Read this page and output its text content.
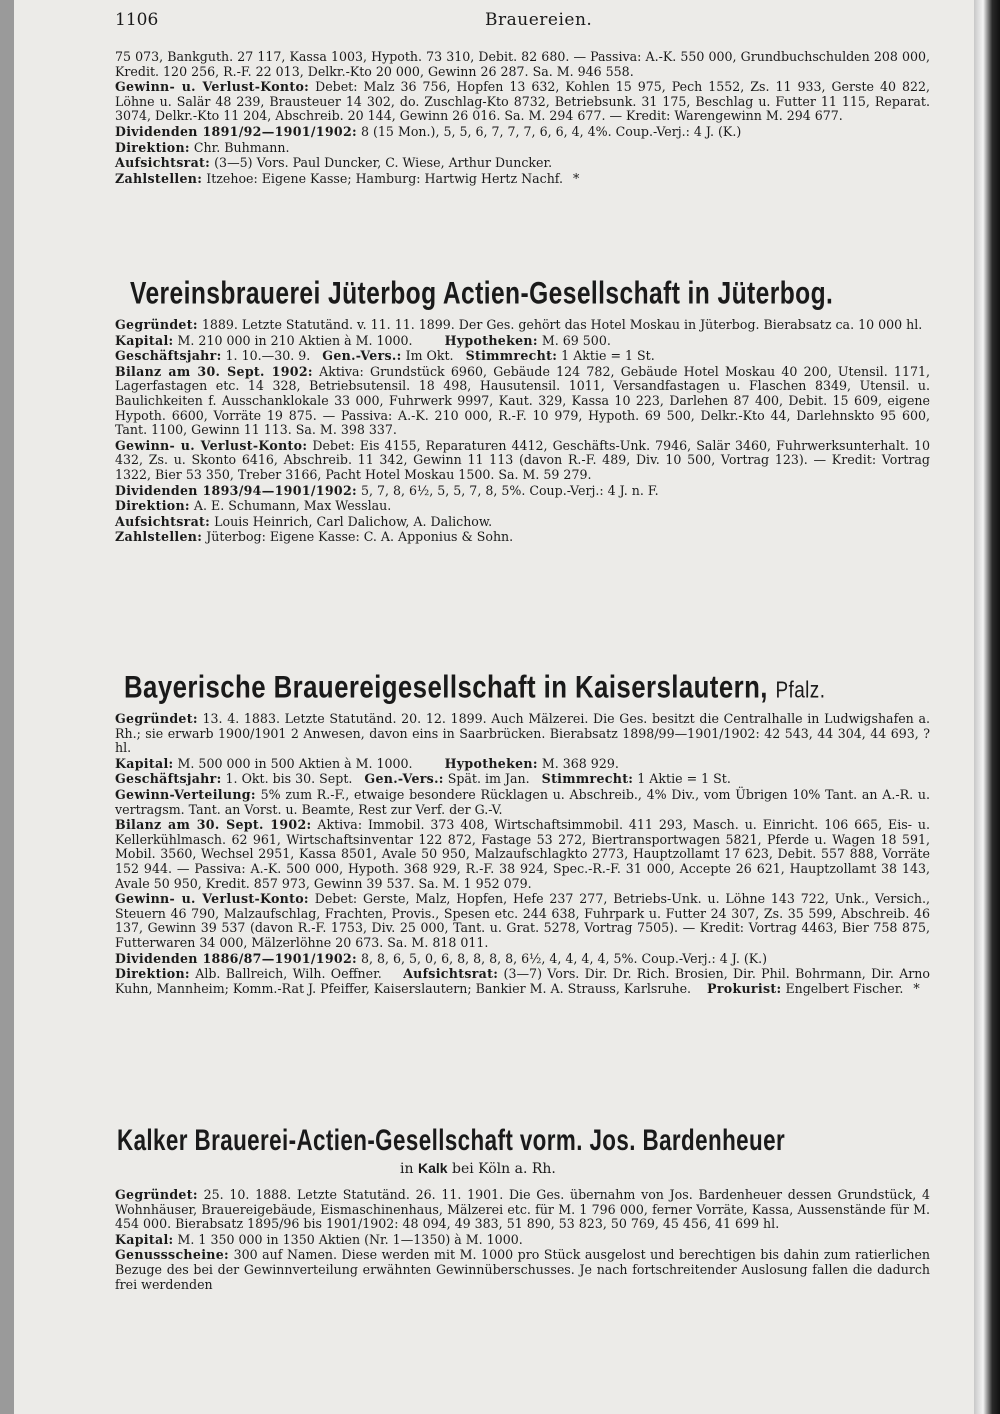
1106	Brauereien.

75 073, Bankguth. 27 117, Kassa 1003, Hypoth. 73 310, Debit. 82 680. — Passiva: A.-K. 550 000, Grundbuchschulden 208 000, Kredit. 120 256, R.-F. 22 013, Delkr.-Kto 20 000, Gewinn 26 287. Sa. M. 946 558.

Gewinn- u. Verlust-Konto: Debet: Malz 36 756, Hopfen 13 632, Kohlen 15 975, Pech 1552, Zs. 11 933, Gerste 40 822, Löhne u. Salär 48 239, Brausteuer 14 302, do. Zuschlag-Kto 8732, Betriebsunk. 31 175, Beschlag u. Futter 11 115, Reparat. 3074, Delkr.-Kto 11 204, Abschreib. 20 144, Gewinn 26 016. Sa. M. 294 677. — Kredit: Warengewinn M. 294 677.

Dividenden 1891/92—1901/1902: 8 (15 Mon.), 5, 5, 6, 7, 7, 7, 6, 6, 4, 4%. Coup.-Verj.: 4 J. (K.)

Direktion: Chr. Buhmann.

Aufsichtsrat: (3—5) Vors. Paul Duncker, C. Wiese, Arthur Duncker.

Zahlstellen: Itzehoe: Eigene Kasse; Hamburg: Hartwig Hertz Nachf. *

Vereinsbrauerei Jüterbog Actien-Gesellschaft in Jüterbog.

Gegründet: 1889. Letzte Statutänd. v. 11. 11. 1899. Der Ges. gehört das Hotel Moskau in Jüterbog. Bierabsatz ca. 10 000 hl.

Kapital: M. 210 000 in 210 Aktien à M. 1000.	Hypotheken: M. 69 500.

Geschäftsjahr: 1. 10.—30. 9. Gen.-Vers.: Im Okt. Stimmrecht: 1 Aktie = 1 St.

Bilanz am 30. Sept. 1902: Aktiva: Grundstück 6960, Gebäude 124 782, Gebäude Hotel Moskau 40 200, Utensil. 1171, Lagerfastagen etc. 14 328, Betriebsutensil. 18 498, Hausutensil. 1011, Versandfastagen u. Flaschen 8349, Utensil. u. Baulichkeiten f. Ausschanklokale 33 000, Fuhrwerk 9997, Kaut. 329, Kassa 10 223, Darlehen 87 400, Debit. 15 609, eigene Hypoth. 6600, Vorräte 19 875. — Passiva: A.-K. 210 000, R.-F. 10 979, Hypoth. 69 500, Delkr.-Kto 44, Darlehnskto 95 600, Tant. 1100, Gewinn 11 113. Sa. M. 398 337.

Gewinn- u. Verlust-Konto: Debet: Eis 4155, Reparaturen 4412, Geschäfts-Unk. 7946, Salär 3460, Fuhrwerksunterhalt. 10 432, Zs. u. Skonto 6416, Abschreib. 11 342, Gewinn 11 113 (davon R.-F. 489, Div. 10 500, Vortrag 123). — Kredit: Vortrag 1322, Bier 53 350, Treber 3166, Pacht Hotel Moskau 1500. Sa. M. 59 279.

Dividenden 1893/94—1901/1902: 5, 7, 8, 6½, 5, 5, 7, 8, 5%. Coup.-Verj.: 4 J. n. F.

Direktion: A. E. Schumann, Max Wesslau.

Aufsichtsrat: Louis Heinrich, Carl Dalichow, A. Dalichow.

Zahlstellen: Jüterbog: Eigene Kasse: C. A. Apponius & Sohn.

Bayerische Brauereigesellschaft in Kaiserslautern, Pfalz.

Gegründet: 13. 4. 1883. Letzte Statutänd. 20. 12. 1899. Auch Mälzerei. Die Ges. besitzt die Centralhalle in Ludwigshafen a. Rh.; sie erwarb 1900/1901 2 Anwesen, davon eins in Saarbrücken. Bierabsatz 1898/99—1901/1902: 42 543, 44 304, 44 693, ? hl.

Kapital: M. 500 000 in 500 Aktien à M. 1000.	Hypotheken: M. 368 929.

Geschäftsjahr: 1. Okt. bis 30. Sept. Gen.-Vers.: Spät. im Jan. Stimmrecht: 1 Aktie = 1 St.

Gewinn-Verteilung: 5% zum R.-F., etwaige besondere Rücklagen u. Abschreib., 4% Div., vom Übrigen 10% Tant. an A.-R. u. vertragsm. Tant. an Vorst. u. Beamte, Rest zur Verf. der G.-V.

Bilanz am 30. Sept. 1902: Aktiva: Immobil. 373 408, Wirtschaftsimmobil. 411 293, Masch. u. Einricht. 106 665, Eis- u. Kellerkühlmasch. 62 961, Wirtschaftsinventar 122 872, Fastage 53 272, Biertransportwagen 5821, Pferde u. Wagen 18 591, Mobil. 3560, Wechsel 2951, Kassa 8501, Avale 50 950, Malzaufschlagkto 2773, Hauptzollamt 17 623, Debit. 557 888, Vorräte 152 944. — Passiva: A.-K. 500 000, Hypoth. 368 929, R.-F. 38 924, Spec.-R.-F. 31 000, Accepte 26 621, Hauptzollamt 38 143, Avale 50 950, Kredit. 857 973, Gewinn 39 537. Sa. M. 1 952 079.

Gewinn- u. Verlust-Konto: Debet: Gerste, Malz, Hopfen, Hefe 237 277, Betriebs-Unk. u. Löhne 143 722, Unk., Versich., Steuern 46 790, Malzaufschlag, Frachten, Provis., Spesen etc. 244 638, Fuhrpark u. Futter 24 307, Zs. 35 599, Abschreib. 46 137, Gewinn 39 537 (davon R.-F. 1753, Div. 25 000, Tant. u. Grat. 5278, Vortrag 7505). — Kredit: Vortrag 4463, Bier 758 875, Futterwaren 34 000, Mälzerlöhne 20 673. Sa. M. 818 011.

Dividenden 1886/87—1901/1902: 8, 8, 6, 5, 0, 6, 8, 8, 8, 8, 6½, 4, 4, 4, 4, 5%. Coup.-Verj.: 4 J. (K.)

Direktion: Alb. Ballreich, Wilh. Oeffner. Aufsichtsrat: (3—7) Vors. Dir. Dr. Rich. Brosien, Dir. Phil. Bohrmann, Dir. Arno Kuhn, Mannheim; Komm.-Rat J. Pfeiffer, Kaiserslautern; Bankier M. A. Strauss, Karlsruhe. Prokurist: Engelbert Fischer. *

Kalker Brauerei-Actien-Gesellschaft vorm. Jos. Bardenheuer
in Kalk bei Köln a. Rh.

Gegründet: 25. 10. 1888. Letzte Statutänd. 26. 11. 1901. Die Ges. übernahm von Jos. Bardenheuer dessen Grundstück, 4 Wohnhäuser, Brauereigebäude, Eismaschinenhaus, Mälzerei etc. für M. 1 796 000, ferner Vorräte, Kassa, Aussenstände für M. 454 000. Bierabsatz 1895/96 bis 1901/1902: 48 094, 49 383, 51 890, 53 823, 50 769, 45 456, 41 699 hl.

Kapital: M. 1 350 000 in 1350 Aktien (Nr. 1—1350) à M. 1000.

Genussscheine: 300 auf Namen. Diese werden mit M. 1000 pro Stück ausgelost und berechtigen bis dahin zum ratierlichen Bezuge des bei der Gewinnverteilung erwähnten Gewinnüberschusses. Je nach fortschreitender Auslosung fallen die dadurch frei werdenden
